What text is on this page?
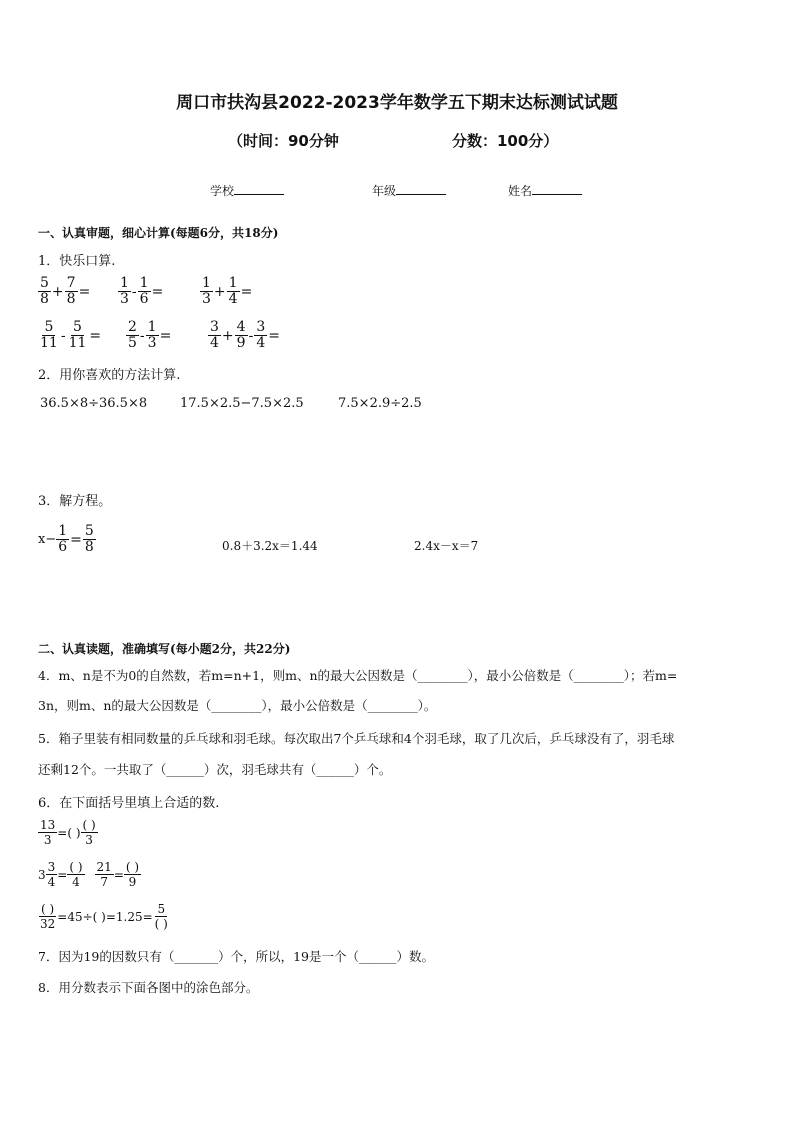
周口市扶沟县2022-2023学年数学五下期末达标测试试题
（时间：90分钟	分数：100分）
学校	年级	姓名
一、认真审题，细心计算(每题6分，共18分)
1．快乐口算.
$\frac{5}{8} + \frac{7}{8} = \frac{1}{3} - \frac{1}{6}$ =	$\frac{1}{3} + \frac{1}{4}$ =
$\frac{5}{11} - \frac{5}{11} = \frac{2}{5} - \frac{1}{3}$ =	$\frac{3}{4} + \frac{4}{9} - \frac{3}{4}$ =
2．用你喜欢的方法计算.
36.5×8÷36.5×8	17.5×2.5−7.5×2.5	7.5×2.9÷2.5
3．解方程。
$x- \frac{1}{6} = \frac{5}{8}$	0.8＋3.2x＝1.44	2.4x－x＝7
二、认真读题，准确填写(每小题2分，共22分)
4．m、n是不为0的自然数，若m=n+1，则m、n的最大公因数是（________），最小公倍数是（________）；若m=
3n，则m、n的最大公因数是（________），最小公倍数是（________）。
5．箱子里装有相同数量的乒乓球和羽毛球。每次取出7个乒乓球和4个羽毛球，取了几次后，乒乓球没有了，羽毛球
还剩12个。一共取了（______）次，羽毛球共有（______）个。
6．在下面括号里填上合适的数.
$\frac{13}{3}$ =( ) $\frac{( )}{3}$
$3 \frac{3}{4} = \frac{( )}{4} \frac{21}{7} = \frac{( )}{9}$
$\frac{( )}{32} =45\div$( )$=1.25= \frac{5}{( )}$
7．因为19的因数只有（_______）个，所以，19是一个（______）数。
8．用分数表示下面各图中的涂色部分。
